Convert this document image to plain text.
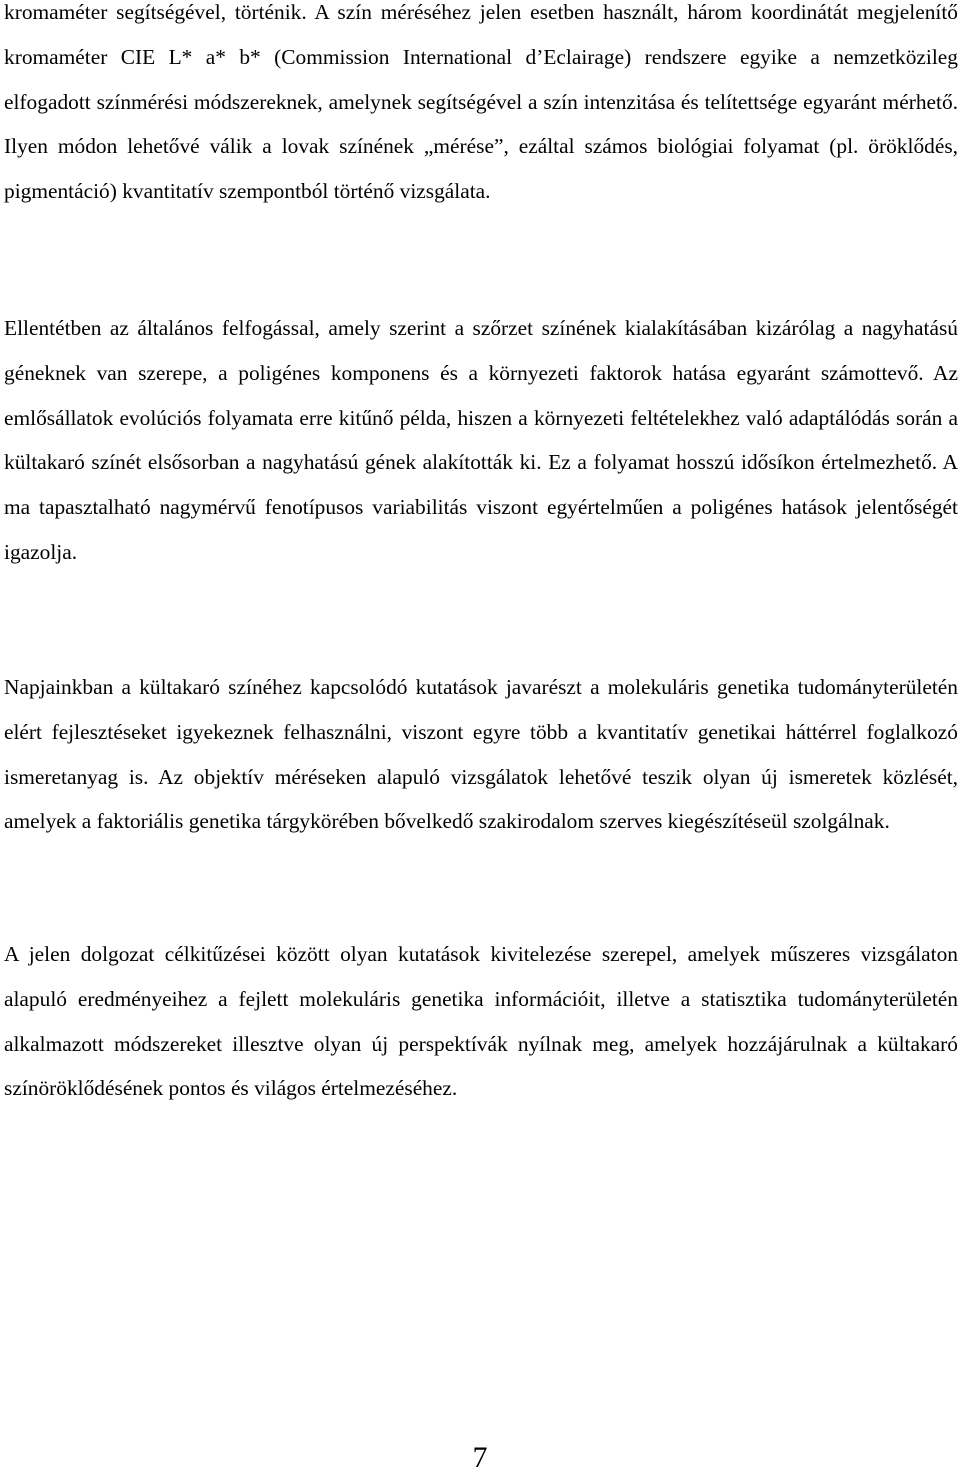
kromaméter segítségével, történik. A szín méréséhez jelen esetben használt, három koordinátát megjelenítő kromaméter CIE L* a* b* (Commission International d’Eclairage) rendszere egyike a nemzetközileg elfogadott színmérési módszereknek, amelynek segítségével a szín intenzitása és telítettsége egyaránt mérhető. Ilyen módon lehetővé válik a lovak színének „mérése”, ezáltal számos biológiai folyamat (pl. öröklődés, pigmentáció) kvantitatív szempontból történő vizsgálata.

Ellentétben az általános felfogással, amely szerint a szőrzet színének kialakításában kizárólag a nagyhatású géneknek van szerepe, a poligénes komponens és a környezeti faktorok hatása egyaránt számottevő. Az emlősállatok evolúciós folyamata erre kitűnő példa, hiszen a környezeti feltételekhez való adaptálódás során a kültakaró színét elsősorban a nagyhatású gének alakították ki. Ez a folyamat hosszú idősíkon értelmezhető. A ma tapasztalható nagymérvű fenotípusos variabilitás viszont egyértelműen a poligénes hatások jelentőségét igazolja.

Napjainkban a kültakaró színéhez kapcsolódó kutatások javarészt a molekuláris genetika tudományterületén elért fejlesztéseket igyekeznek felhasználni, viszont egyre több a kvantitatív genetikai háttérrel foglalkozó ismeretanyag is. Az objektív méréseken alapuló vizsgálatok lehetővé teszik olyan új ismeretek közlését, amelyek a faktoriális genetika tárgykörében bővelkedő szakirodalom szerves kiegészítéseül szolgálnak.

A jelen dolgozat célkitűzései között olyan kutatások kivitelezése szerepel, amelyek műszeres vizsgálaton alapuló eredményeihez a fejlett molekuláris genetika információit, illetve a statisztika tudományterületén alkalmazott módszereket illesztve olyan új perspektívák nyílnak meg, amelyek hozzájárulnak a kültakaró színöröklődésének pontos és világos értelmezéséhez.

7
